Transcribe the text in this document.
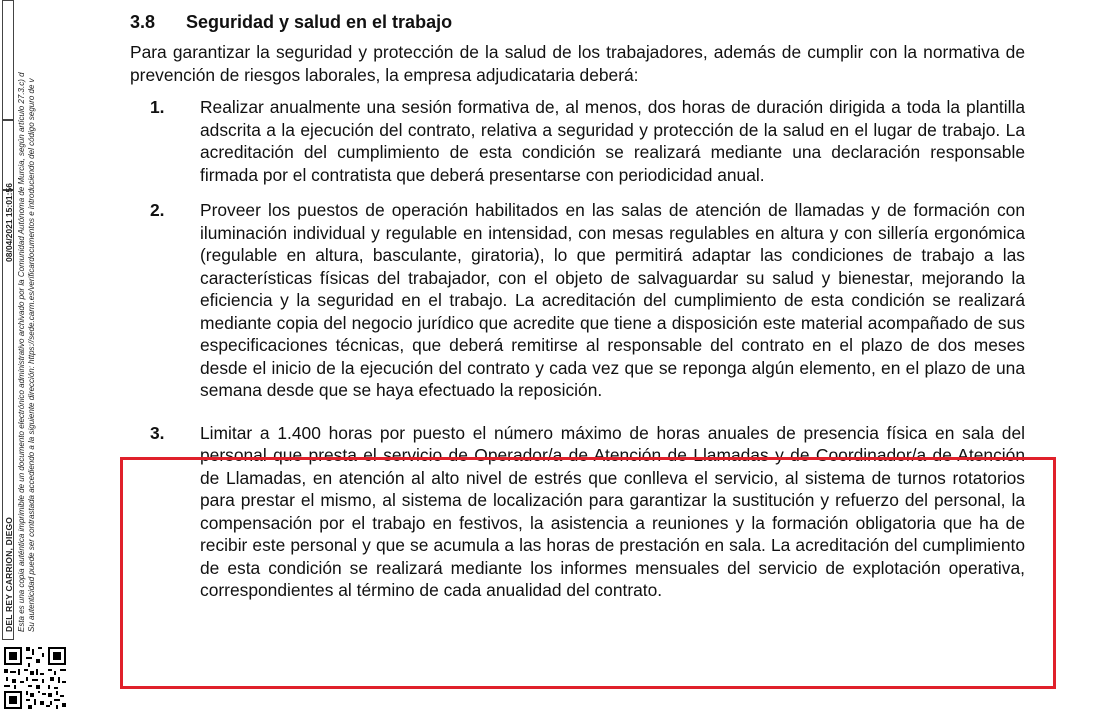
DEL REY CARRION, DIEGO
08/04/2021 15:01:56 Esta es una copia auténtica imprimible de un documento electrónico administrativo archivado por la Comunidad Autónoma de Murcia, según artículo 27.3.c) d Su autenticidad puede ser contrastada accediendo a la siguiente dirección: https://sede.carm.es/verificardocumentos e introduciendo del código seguro de v
3.8	Seguridad y salud en el trabajo

Para garantizar la seguridad y protección de la salud de los trabajadores, además de cumplir con la normativa de prevención de riesgos laborales, la empresa adjudicataria deberá:

1. Realizar anualmente una sesión formativa de, al menos, dos horas de duración dirigida a toda la plantilla adscrita a la ejecución del contrato, relativa a seguridad y protección de la salud en el lugar de trabajo. La acreditación del cumplimiento de esta condición se realizará mediante una declaración responsable firmada por el contratista que deberá presentarse con periodicidad anual.

2. Proveer los puestos de operación habilitados en las salas de atención de llamadas y de formación con iluminación individual y regulable en intensidad, con mesas regulables en altura y con sillería ergonómica (regulable en altura, basculante, giratoria), lo que permitirá adaptar las condiciones de trabajo a las características físicas del trabajador, con el objeto de salvaguardar su salud y bienestar, mejorando la eficiencia y la seguridad en el trabajo. La acreditación del cumplimiento de esta condición se realizará mediante copia del negocio jurídico que acredite que tiene a disposición este material acompañado de sus especificaciones técnicas, que deberá remitirse al responsable del contrato en el plazo de dos meses desde el inicio de la ejecución del contrato y cada vez que se reponga algún elemento, en el plazo de una semana desde que se haya efectuado la reposición.

3. Limitar a 1.400 horas por puesto el número máximo de horas anuales de presencia física en sala del personal que presta el servicio de Operador/a de Atención de Llamadas y de Coordinador/a de Atención de Llamadas, en atención al alto nivel de estrés que conlleva el servicio, al sistema de turnos rotatorios para prestar el mismo, al sistema de localización para garantizar la sustitución y refuerzo del personal, la compensación por el trabajo en festivos, la asistencia a reuniones y la formación obligatoria que ha de recibir este personal y que se acumula a las horas de prestación en sala. La acreditación del cumplimiento de esta condición se realizará mediante los informes mensuales del servicio de explotación operativa, correspondientes al término de cada anualidad del contrato.
